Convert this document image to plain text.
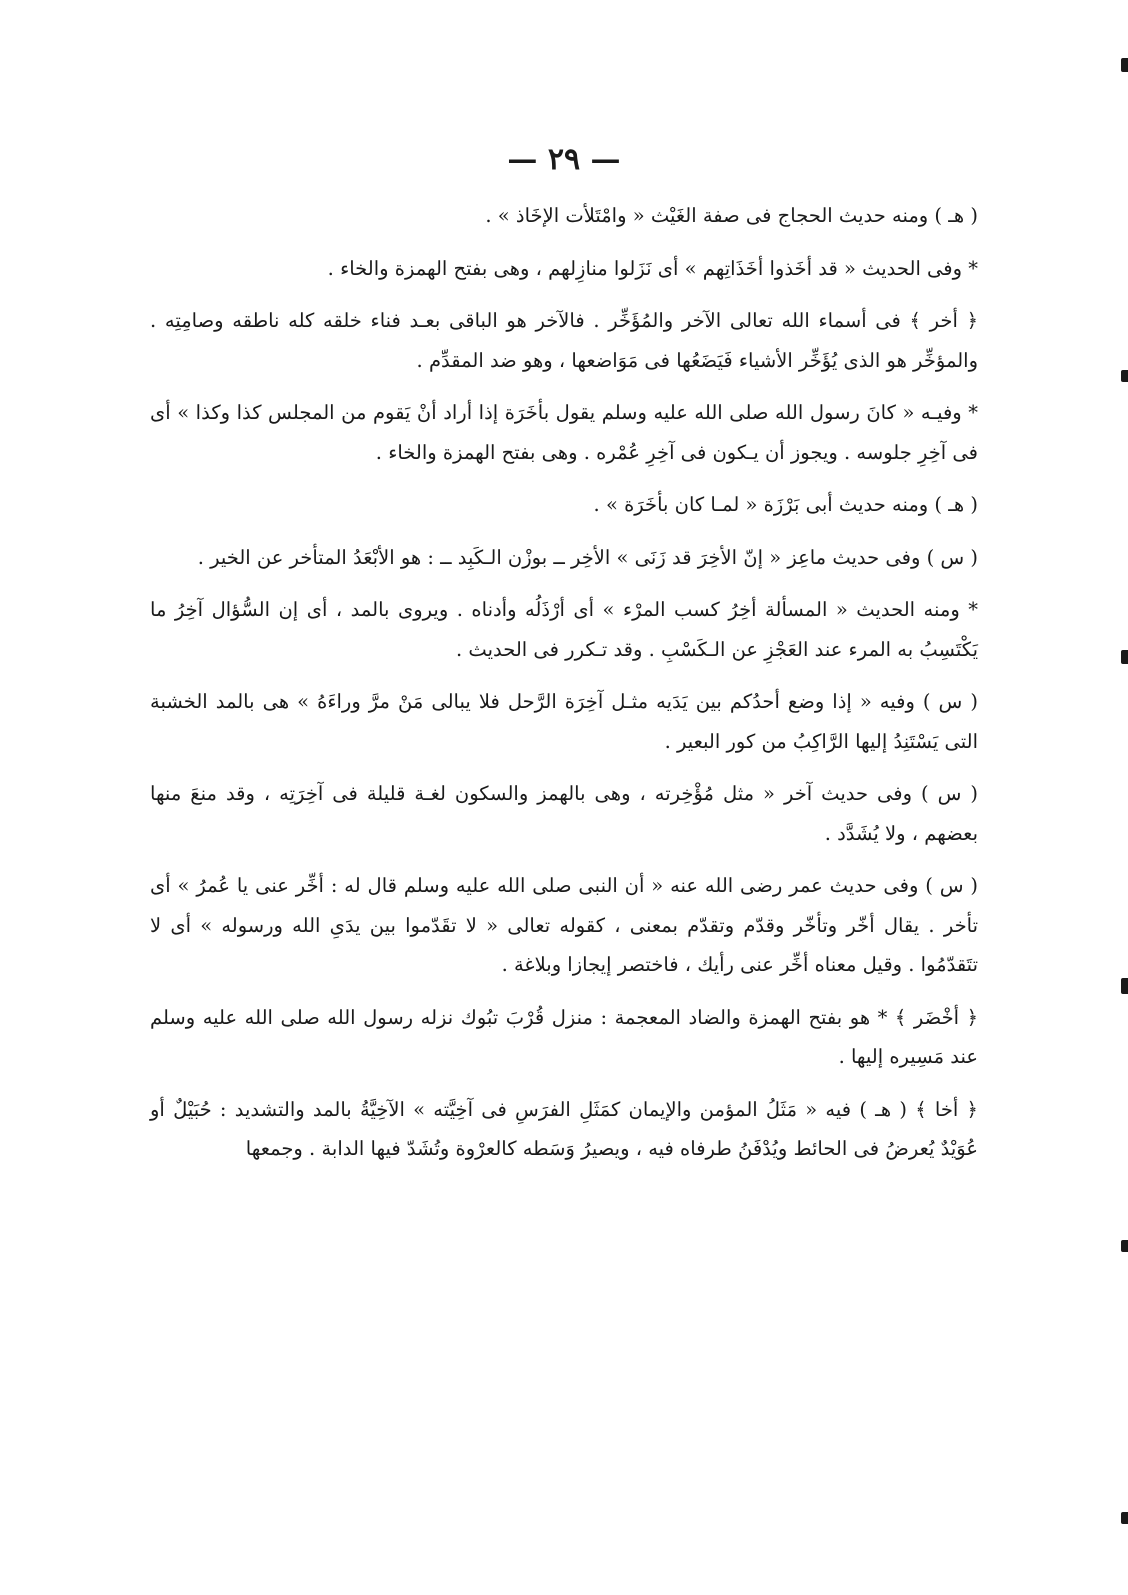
— ٢٩ —

( هـ ) ومنه حديث الحجاج فى صفة الغَيْث « وامْتَلأت الإخَاذ » .

* وفى الحديث « قد أخَذوا أخَذَاتِهم » أى نَزَلوا منازِلهم ، وهى بفتح الهمزة والخاء .

﴿ أخر ﴾ فى أسماء الله تعالى الآخر والمُؤَخِّر . فالآخر هو الباقى بعـد فناء خلقه كله ناطقه وصامِتِه . والمؤخِّر هو الذى يُؤَخِّر الأشياء فَيَضَعُها فى مَوَاضعها ، وهو ضد المقدِّم .

* وفيـه « كانَ رسول الله صلى الله عليه وسلم يقول بأخَرَة إذا أراد أنْ يَقوم من المجلس كذا وكذا » أى فى آخِرِ جلوسه . ويجوز أن يـكون فى آخِرِ عُمْره . وهى بفتح الهمزة والخاء .

( هـ ) ومنه حديث أبى بَرْزَة « لمـا كان بأخَرَة » .

( س ) وفى حديث ماعِز « إنّ الأخِرَ قد زَنَى » الأخِر ــ بوزْن الـكَبِد ــ : هو الأبْعَدُ المتأخر عن الخير .

* ومنه الحديث « المسألة أخِرُ كسب المرْء » أى أرْذَلُه وأدناه . ويروى بالمد ، أى إن السُّؤال آخِرُ ما يَكْتَسِبُ به المرء عند العَجْزِ عن الـكَسْبِ . وقد تـكرر فى الحديث .

( س ) وفيه « إذا وضع أحدُكم بين يَدَيه مثـل آخِرَة الرَّحل فلا يبالى مَنْ مرَّ وراءَهُ » هى بالمد الخشبة التى يَسْتَنِدُ إليها الرَّاكِبُ من كور البعير .

( س ) وفى حديث آخر « مثل مُؤْخِرته ، وهى بالهمز والسكون لغـة قليلة فى آخِرَتِه ، وقد منعَ منها بعضهم ، ولا يُشَدَّد .

( س ) وفى حديث عمر رضى الله عنه « أن النبى صلى الله عليه وسلم قال له : أخِّر عنى يا عُمرُ » أى تأخر . يقال أخّر وتأخّر وقدّم وتقدّم بمعنى ، كقوله تعالى « لا تقَدّموا بين يدَىِ الله ورسوله » أى لا تتَقدّمُوا . وقيل معناه أخِّر عنى رأيك ، فاختصر إيجازا وبلاغة .

﴿ أخْضَر ﴾ * هو بفتح الهمزة والضاد المعجمة : منزل قُرْبَ تبُوك نزله رسول الله صلى الله عليه وسلم عند مَسِيره إليها .

﴿ أخا ﴾ ( هـ ) فيه « مَثَلُ المؤمن والإيمان كمَثَلِ الفرَسِ فى آخِيَّته » الآخِيَّةُ بالمد والتشديد : حُبَيْلٌ أو عُوَيْدٌ يُعرضُ فى الحائط ويُدْفَنُ طرفاه فيه ، ويصيرُ وَسَطه كالعرْوة وتُشَدّ فيها الدابة . وجمعها
